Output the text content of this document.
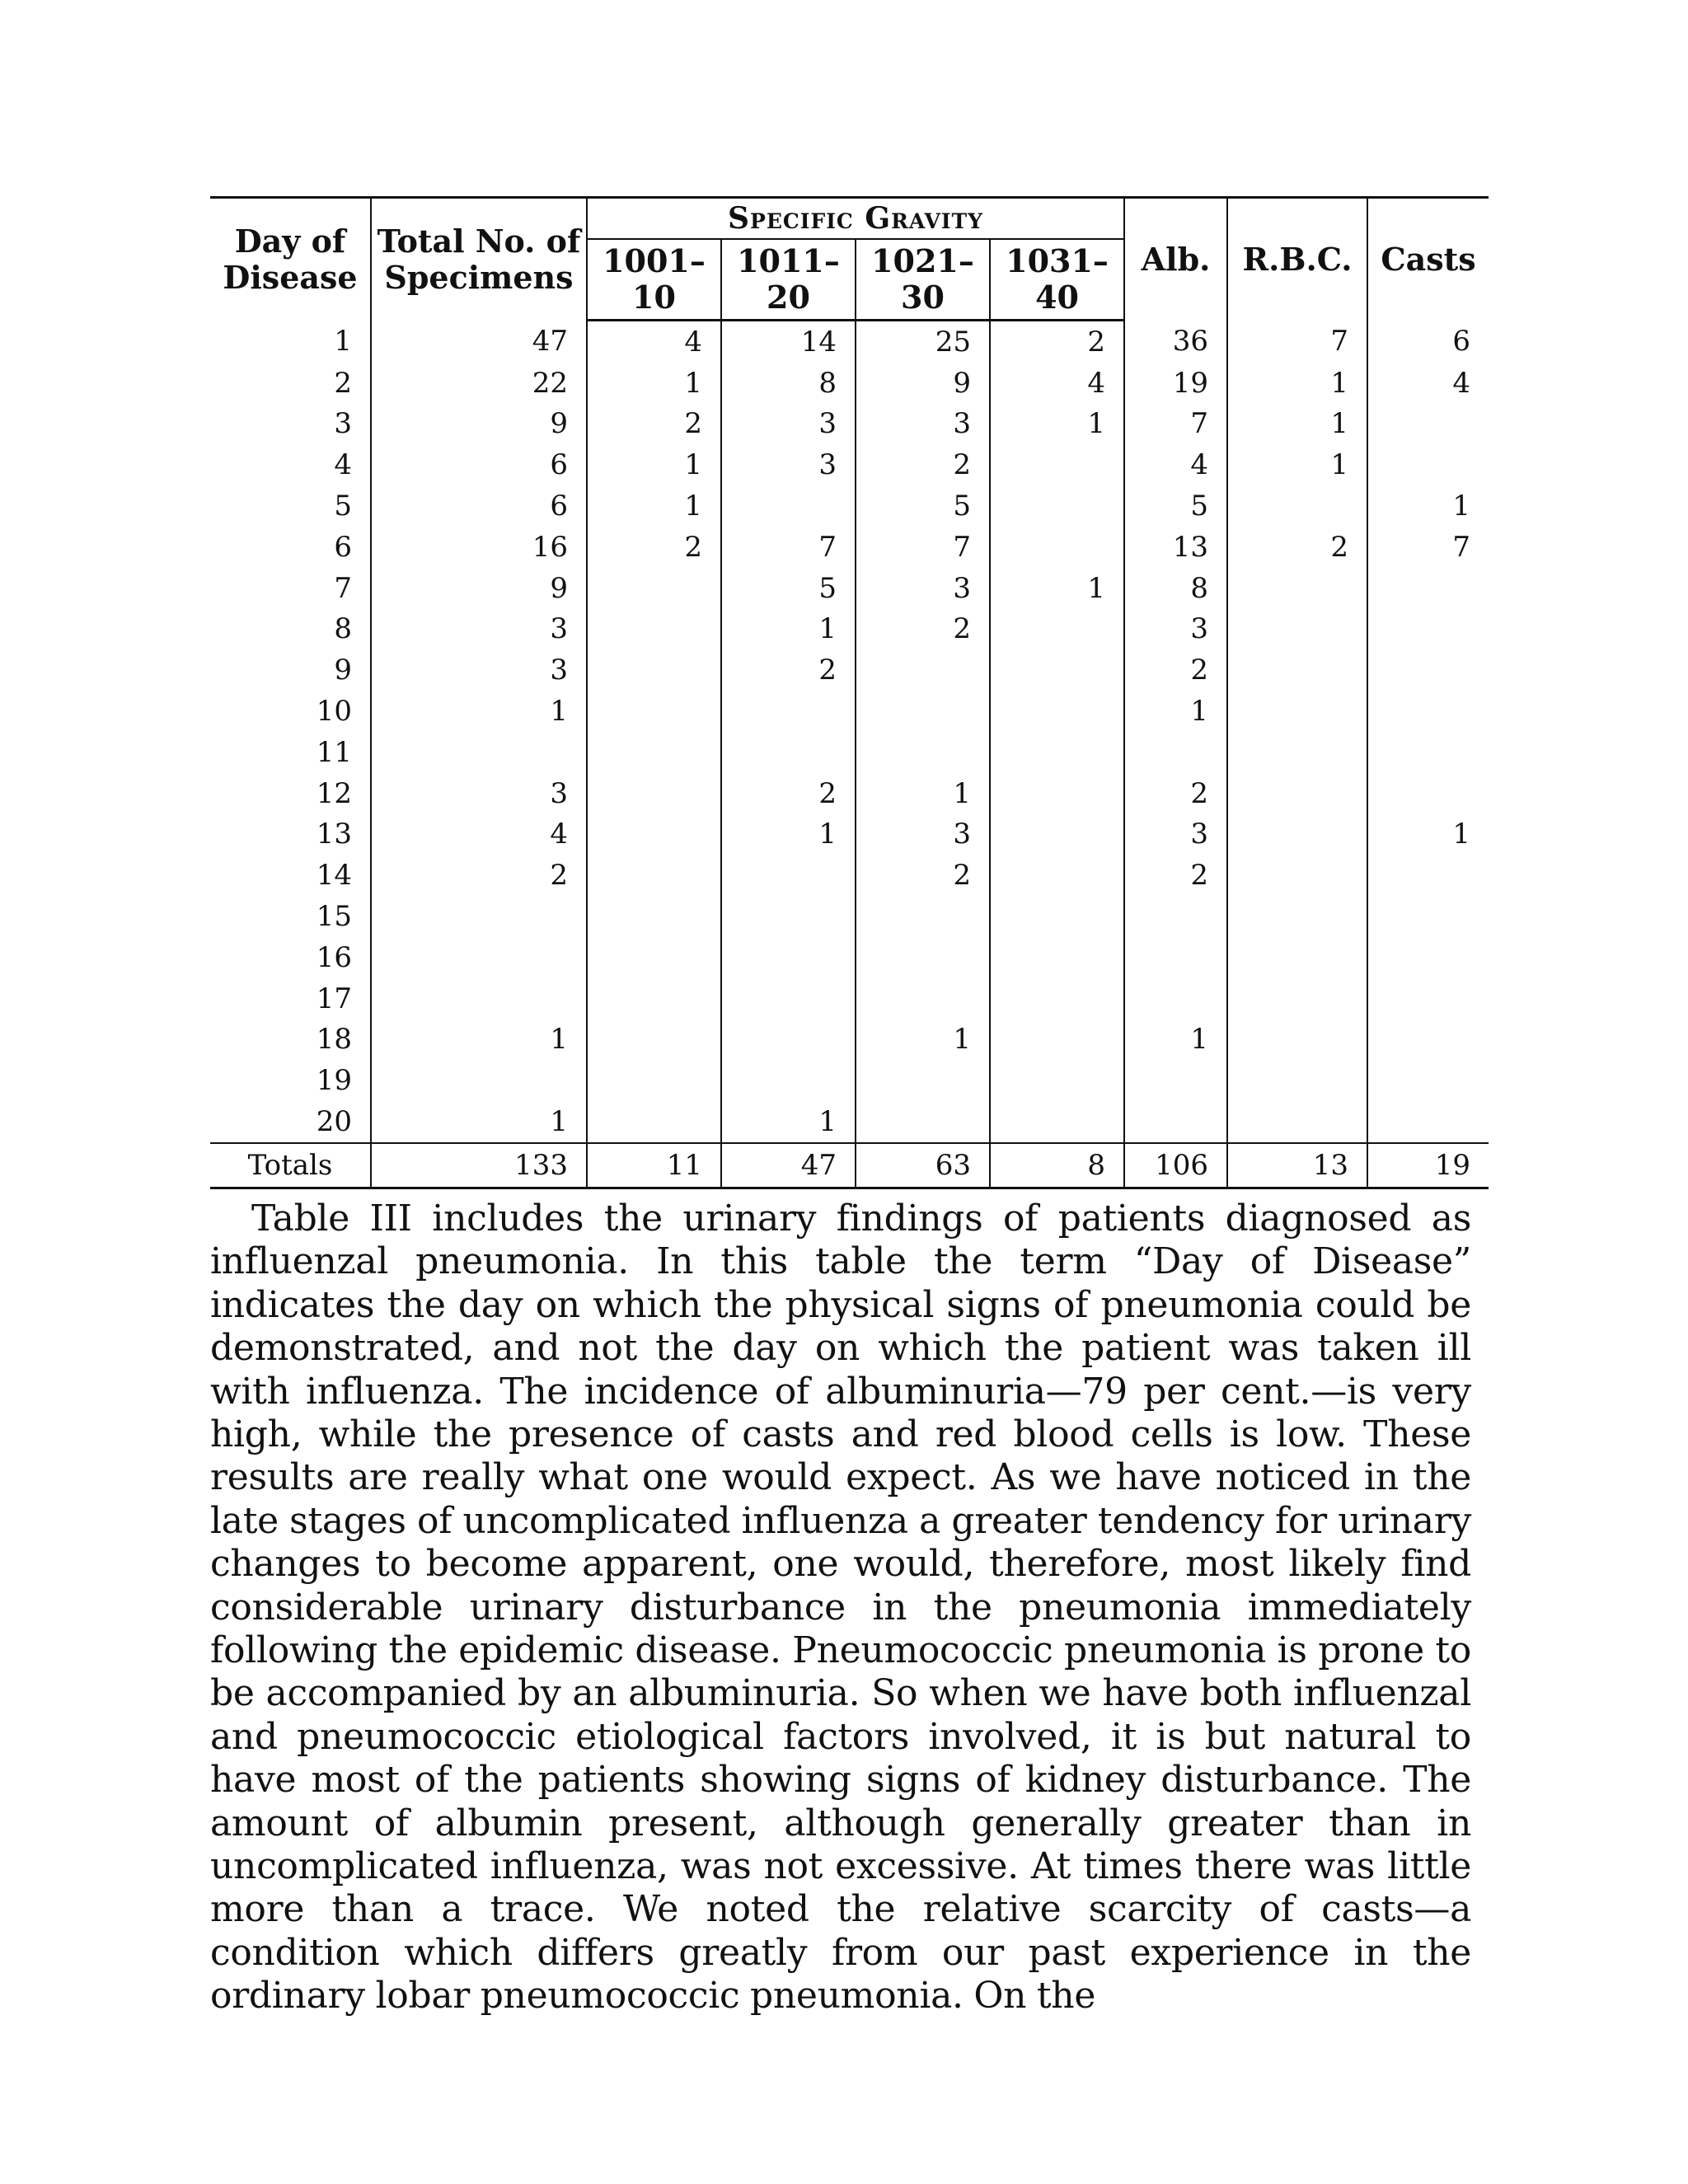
Day of Disease	Total No. of Specimens	Specific Gravity				Alb.	R.B.C.	Casts
		1001–10	1011–20	1021–30	1031–40			
1	47	4	14	25	2	36	7	6
2	22	1	8	9	4	19	1	4
3	9	2	3	3	1	7	1	
4	6	1	3	2		4	1	
5	6	1		5		5		1
6	16	2	7	7		13	2	7
7	9		5	3	1	8		
8	3		1	2		3		
9	3		2			2		
10	1					1		
11								
12	3		2	1		2		
13	4		1	3		3		1
14	2			2		2		
15								
16								
17								
18	1			1		1		
19								
20	1		1					
Totals	133	11	47	63	8	106	13	19

Table III includes the urinary findings of patients diagnosed as influenzal pneumonia. In this table the term “Day of Disease” indicates the day on which the physical signs of pneumonia could be demonstrated, and not the day on which the patient was taken ill with influenza. The incidence of albuminuria—79 per cent.—is very high, while the presence of casts and red blood cells is low. These results are really what one would expect. As we have noticed in the late stages of uncomplicated influenza a greater tendency for urinary changes to become apparent, one would, therefore, most likely find considerable urinary disturbance in the pneumonia immediately following the epidemic disease. Pneumococcic pneumonia is prone to be accompanied by an albuminuria. So when we have both influenzal and pneumococcic etiological factors involved, it is but natural to have most of the patients showing signs of kidney disturbance. The amount of albumin present, although generally greater than in uncomplicated influenza, was not excessive. At times there was little more than a trace. We noted the relative scarcity of casts—a condition which differs greatly from our past experience in the ordinary lobar pneumococcic pneumonia. On the
